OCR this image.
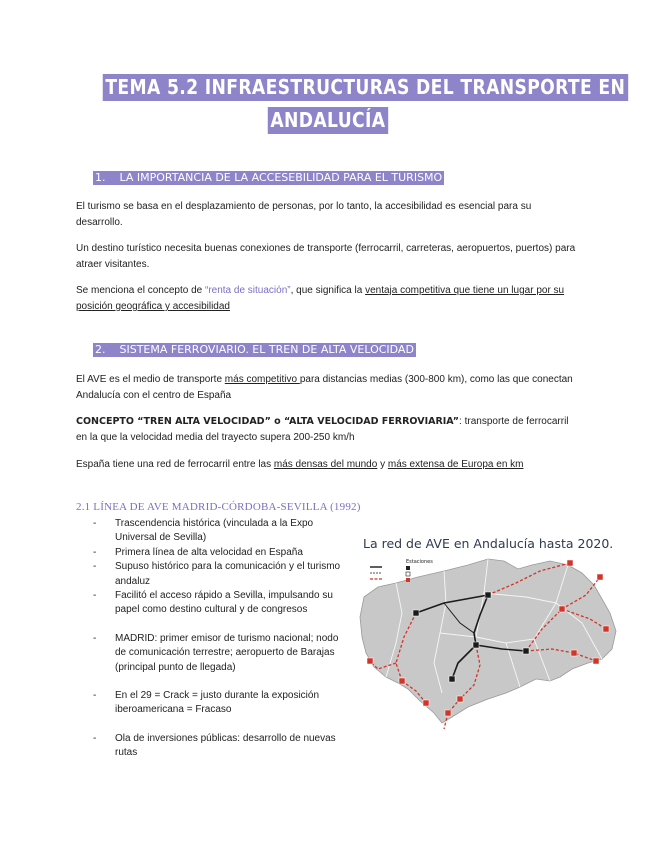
TEMA 5.2 INFRAESTRUCTURAS DEL TRANSPORTE EN
ANDALUCÍA
1. LA IMPORTANCIA DE LA ACCESEBILIDAD PARA EL TURISMO
El turismo se basa en el desplazamiento de personas, por lo tanto, la accesibilidad es esencial para su desarrollo.
Un destino turístico necesita buenas conexiones de transporte (ferrocarril, carreteras, aeropuertos, puertos) para atraer visitantes.
Se menciona el concepto de “renta de situación”, que significa la ventaja competitiva que tiene un lugar por su posición geográfica y accesibilidad
2. SISTEMA FERROVIARIO. EL TREN DE ALTA VELOCIDAD
El AVE es el medio de transporte más competitivo para distancias medias (300-800 km), como las que conectan Andalucía con el centro de España
CONCEPTO “TREN ALTA VELOCIDAD” o “ALTA VELOCIDAD FERROVIARIA”: transporte de ferrocarril en la que la velocidad media del trayecto supera 200-250 km/h
España tiene una red de ferrocarril entre las más densas del mundo y más extensa de Europa en km
2.1 LÍNEA DE AVE MADRID-CÓRDOBA-SEVILLA (1992)
- Trascendencia histórica (vinculada a la Expo Universal de Sevilla)
- Primera línea de alta velocidad en España
- Supuso histórico para la comunicación y el turismo andaluz
- Facilitó el acceso rápido a Sevilla, impulsando su papel como destino cultural y de congresos
- MADRID: primer emisor de turismo nacional; nodo de comunicación terrestre; aeropuerto de Barajas (principal punto de llegada)
- En el 29 = Crack = justo durante la exposición iberoamericana = Fracaso
- Ola de inversiones públicas: desarrollo de nuevas rutas
La red de AVE en Andalucía hasta 2020.
Estaciones
